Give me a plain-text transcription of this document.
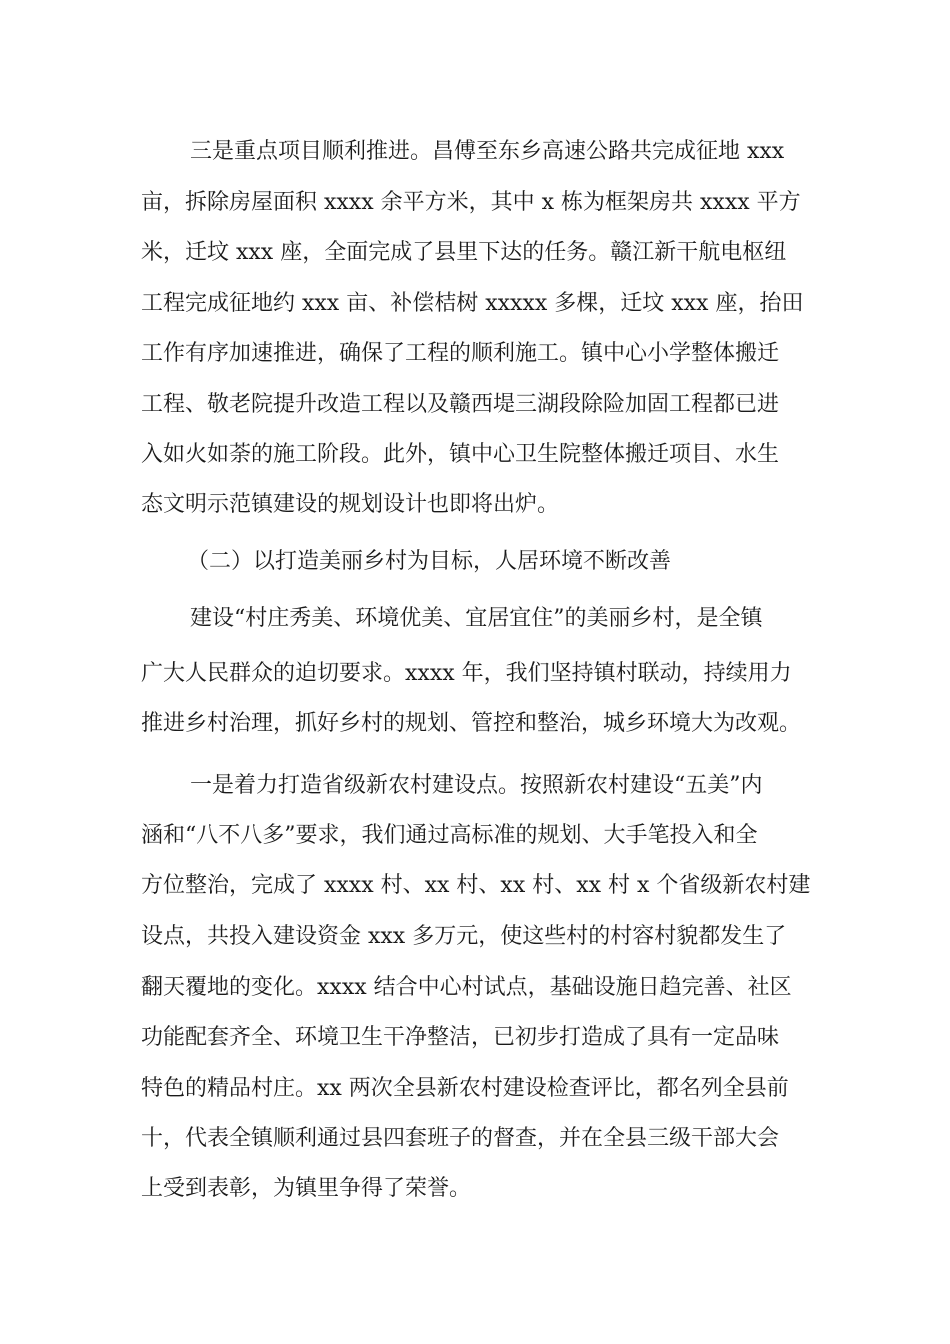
三是重点项目顺利推进。昌傅至东乡高速公路共完成征地 xxx
亩，拆除房屋面积 xxxx 余平方米，其中 x 栋为框架房共 xxxx 平方
米，迁坟 xxx 座，全面完成了县里下达的任务。赣江新干航电枢纽
工程完成征地约 xxx 亩、补偿桔树 xxxxx 多棵，迁坟 xxx 座，抬田
工作有序加速推进，确保了工程的顺利施工。镇中心小学整体搬迁
工程、敬老院提升改造工程以及赣西堤三湖段除险加固工程都已进
入如火如荼的施工阶段。此外，镇中心卫生院整体搬迁项目、水生
态文明示范镇建设的规划设计也即将出炉。
（二）以打造美丽乡村为目标，人居环境不断改善
建设“村庄秀美、环境优美、宜居宜住”的美丽乡村，是全镇
广大人民群众的迫切要求。xxxx 年，我们坚持镇村联动，持续用力
推进乡村治理，抓好乡村的规划、管控和整治，城乡环境大为改观。
一是着力打造省级新农村建设点。按照新农村建设“五美”内
涵和“八不八多”要求，我们通过高标准的规划、大手笔投入和全
方位整治，完成了 xxxx 村、xx 村、xx 村、xx 村 x 个省级新农村建
设点，共投入建设资金 xxx 多万元，使这些村的村容村貌都发生了
翻天覆地的变化。xxxx 结合中心村试点，基础设施日趋完善、社区
功能配套齐全、环境卫生干净整洁，已初步打造成了具有一定品味
特色的精品村庄。xx 两次全县新农村建设检查评比，都名列全县前
十，代表全镇顺利通过县四套班子的督查，并在全县三级干部大会
上受到表彰，为镇里争得了荣誉。
